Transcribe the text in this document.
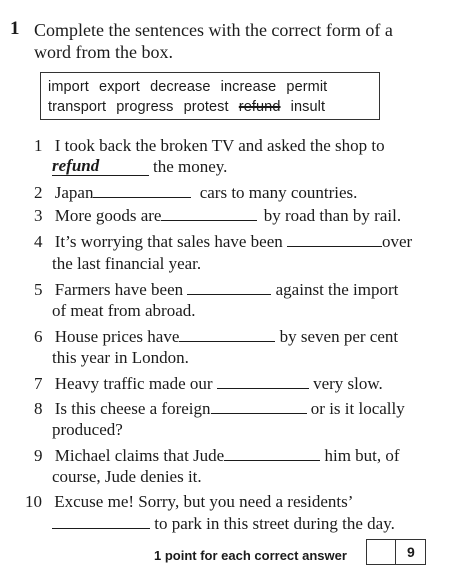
1 Complete the sentences with the correct form of a word from the box.
import export decrease increase permit
transport progress protest refund insult
1 I took back the broken TV and asked the shop to
refund	the money.
2 Japan	cars to many countries.
3 More goods are	by road than by rail.
4 It’s worrying that sales have been	over
the last financial year.
5 Farmers have been	against the import
of meat from abroad.
6 House prices have	by seven per cent
this year in London.
7 Heavy traffic made our	very slow.
8 Is this cheese a foreign	or is it locally
produced?
9 Michael claims that Jude	him but, of
course, Jude denies it.
10 Excuse me! Sorry, but you need a residents’
to park in this street during the day.
1 point for each correct answer	9
